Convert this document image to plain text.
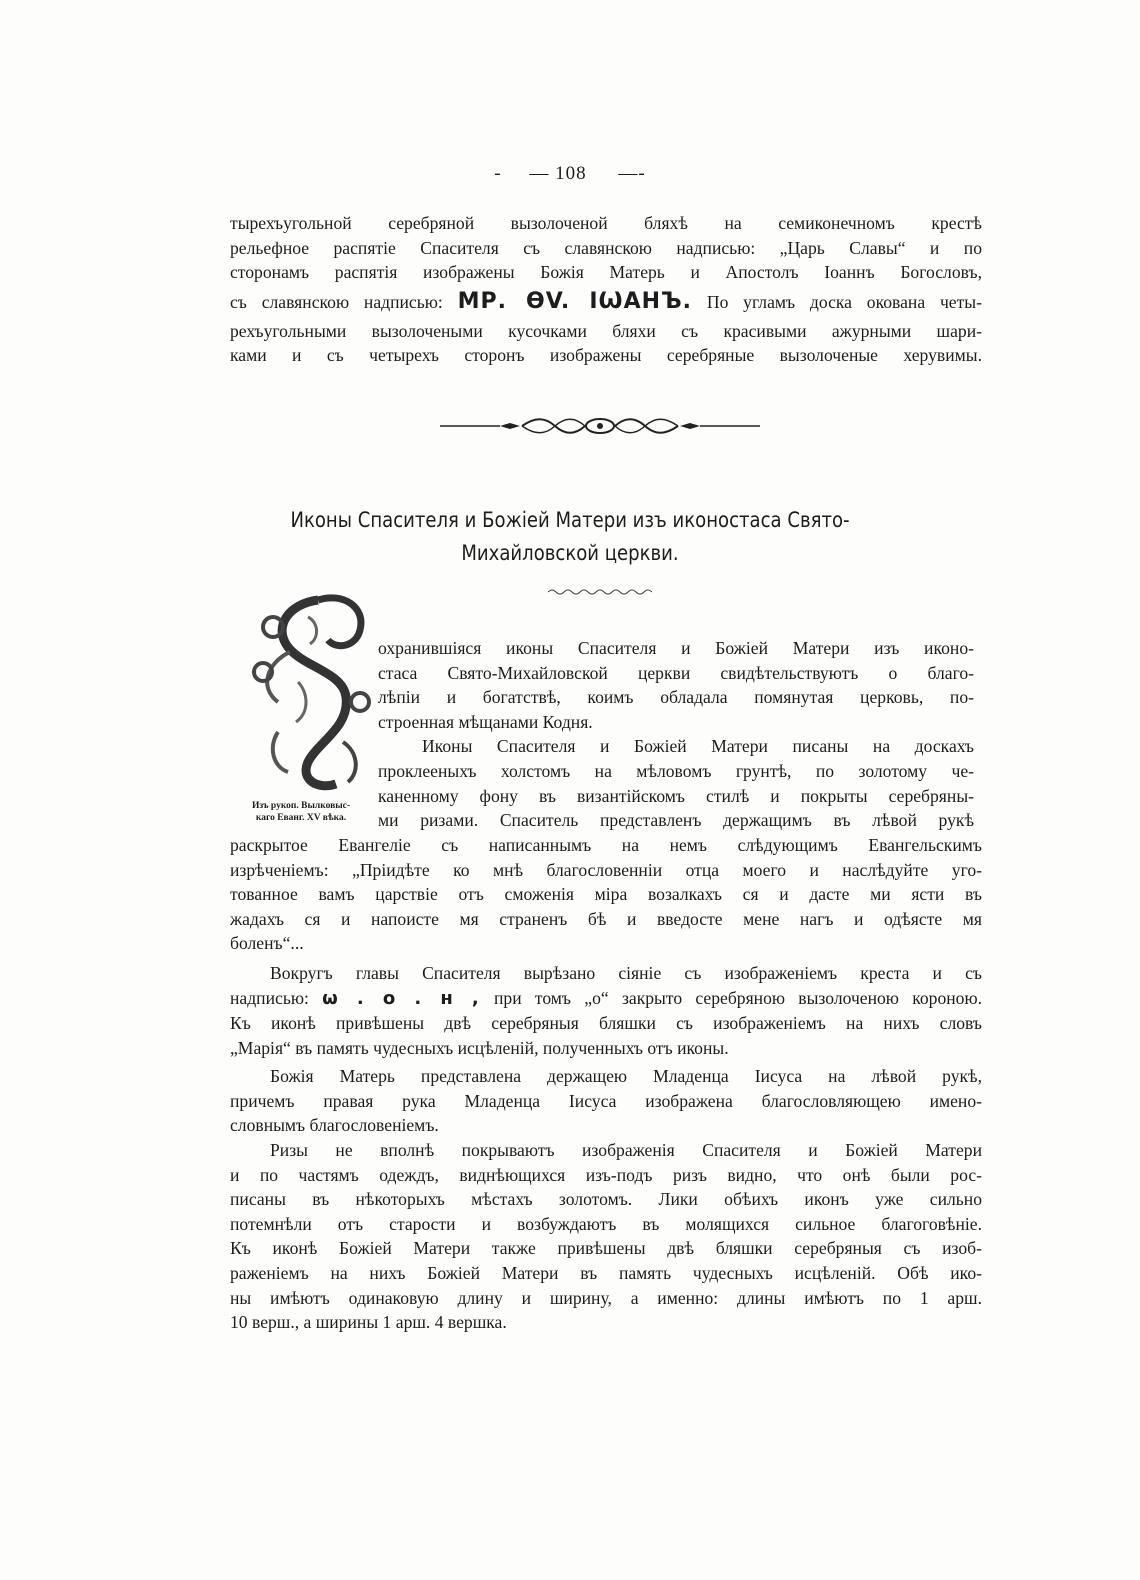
- — 108 —-
тырехъугольной серебряной вызолоченой бляхѣ на семиконечномъ крестѣ
рельефное распятіе Спасителя съ славянскою надписью: „Царь Славы“ и по
сторонамъ распятія изображены Божія Матерь и Апостолъ Іоаннъ Богословъ,
съ славянскою надписью: МР. ѲV. ІѠАНЪ. По угламъ доска окована четы-
рехъугольными вызолочеными кусочками бляхи съ красивыми ажурными шари-
ками и съ четырехъ сторонъ изображены серебряные вызолоченые херувимы.
Иконы Спасителя и Божіей Матери изъ иконостаса Свято-
Михайловской церкви.
Изъ рукоп. Вылковыс-
каго Еванг. XV вѣка.
охранившіяся иконы Спасителя и Божіей Матери изъ иконо-
стаса Свято-Михайловской церкви свидѣтельствуютъ о благо-
лѣпіи и богатствѣ, коимъ обладала помянутая церковь, по-
строенная мѣщанами Кодня.
Иконы Спасителя и Божіей Матери писаны на доскахъ
проклееныхъ холстомъ на мѣловомъ грунтѣ, по золотому че-
каненному фону въ византійскомъ стилѣ и покрыты серебряны-
ми ризами. Спаситель представленъ держащимъ въ лѣвой рукѣ
раскрытое Евангеліе съ написаннымъ на немъ слѣдующимъ Евангельскимъ
изрѣченіемъ: „Пріидѣте ко мнѣ благословенніи отца моего и наслѣдуйте уго-
тованное вамъ царствіе отъ сможенія міра возалкахъ ся и дасте ми ясти въ
жадахъ ся и напоисте мя страненъ бѣ и введосте мене нагъ и одѣясте мя
боленъ“...
Вокругъ главы Спасителя вырѣзано сіяніе съ изображеніемъ креста и съ
надписью: ѡ . о . н , при томъ „о“ закрыто серебряною вызолоченою короною.
Къ иконѣ привѣшены двѣ серебряныя бляшки съ изображеніемъ на нихъ словъ
„Марія“ въ память чудесныхъ исцѣленій, полученныхъ отъ иконы.
Божія Матерь представлена держащею Младенца Іисуса на лѣвой рукѣ,
причемъ правая рука Младенца Іисуса изображена благословляющею имено-
словнымъ благословеніемъ.
Ризы не вполнѣ покрываютъ изображенія Спасителя и Божіей Матери
и по частямъ одеждъ, виднѣющихся изъ-подъ ризъ видно, что онѣ были рос-
писаны въ нѣкоторыхъ мѣстахъ золотомъ. Лики обѣихъ иконъ уже сильно
потемнѣли отъ старости и возбуждаютъ въ молящихся сильное благоговѣніе.
Къ иконѣ Божіей Матери также привѣшены двѣ бляшки серебряныя съ изоб-
раженіемъ на нихъ Божіей Матери въ память чудесныхъ исцѣленій. Обѣ ико-
ны имѣютъ одинаковую длину и ширину, а именно: длины имѣютъ по 1 арш.
10 верш., а ширины 1 арш. 4 вершка.
